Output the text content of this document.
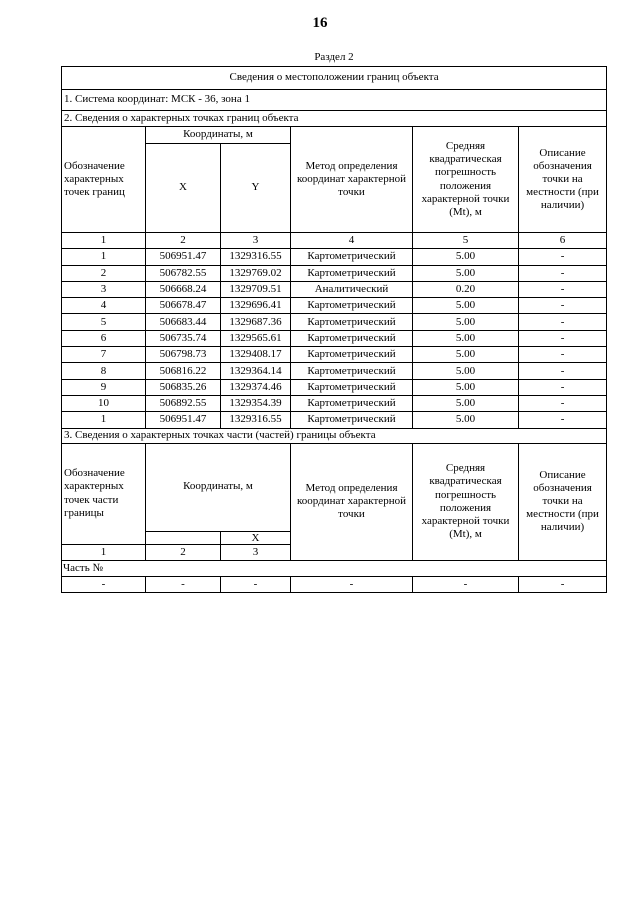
16
Раздел 2
Сведения о местоположении границ объекта						
1. Система координат: МСК - 36, зона 1						
2. Сведения о характерных точках границ объекта						
Обозначение характерных точек границ	Координаты, м		Метод определения координат характерной точки	Средняя квадратическая погрешность положения характерной точки (Mt), м	Описание обозначения точки на местности (при наличии)	
	X	Y				
1	2	3	4	5	6	
1	506951.47	1329316.55	Картометрический	5.00	-	
2	506782.55	1329769.02	Картометрический	5.00	-	
3	506668.24	1329709.51	Аналитический	0.20	-	
4	506678.47	1329696.41	Картометрический	5.00	-	
5	506683.44	1329687.36	Картометрический	5.00	-	
6	506735.74	1329565.61	Картометрический	5.00	-	
7	506798.73	1329408.17	Картометрический	5.00	-	
8	506816.22	1329364.14	Картометрический	5.00	-	
9	506835.26	1329374.46	Картометрический	5.00	-	
10	506892.55	1329354.39	Картометрический	5.00	-	
1	506951.47	1329316.55	Картометрический	5.00	-	
3. Сведения о характерных точках части (частей) границы объекта						
Обозначение характерных точек части границы	Координаты, м		Метод определения координат характерной точки	Средняя квадратическая погрешность положения характерной точки (Mt), м	Описание обозначения точки на местности (при наличии)	
		X	
1	2	3			
Часть №						
-	-	-	-	-	-	
